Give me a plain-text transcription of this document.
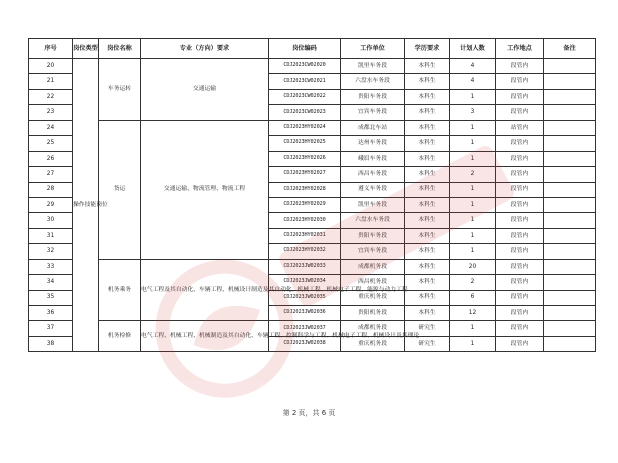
序号	岗位类型	岗位名称	专业（方向）要求	岗位编码	工作单位	学历要求	计划人数	工作地点	备注
20	操作技能岗位	车务运转	交通运输	CDJ2023CW02020	凯里车务段	本科生	4	段管内	
21				CDJ2023CW02021	六盘水车务段	本科生	4	段管内	
22				CDJ2023CW02022	贵阳车务段	本科生	1	段管内	
23				CDJ2023CW02023	宜宾车务段	本科生	3	段管内	
24		货运	交通运输、物流管理、物流工程	CDJ2023HY02024	成都北车站	本科生	1	站管内	
25				CDJ2023HY02025	达州车务段	本科生	1	段管内	
26				CDJ2023HY02026	峨眉车务段	本科生	1	段管内	
27				CDJ2023HY02027	西昌车务段	本科生	2	段管内	
28				CDJ2023HY02028	遵义车务段	本科生	1	段管内	
29				CDJ2023HY02029	凯里车务段	本科生	1	段管内	
30				CDJ2023HY02030	六盘水车务段	本科生	1	段管内	
31				CDJ2023HY02031	贵阳车务段	本科生	1	段管内	
32				CDJ2023HY02032	宜宾车务段	本科生	1	段管内	
33		机务乘务	电气工程及其自动化、车辆工程、机械设计制造及其自动化、机械工程、机械电子工程、能源与动力工程	CDJ2023JW02033	成都机务段	本科生	20	段管内	
34				CDJ2023JW02034	西昌机务段	本科生	2	段管内	
35				CDJ2023JW02035	重庆机务段	本科生	6	段管内	
36				CDJ2023JW02036	贵阳机务段	本科生	12	段管内	
37		机务检修	电气工程、机械工程、机械制造及其自动化、车辆工程、控制科学与工程、机械电子工程、机械设计及其理论	CDJ2023JW02037	成都机务段	研究生	1	段管内	
38				CDJ2023JW02038	重庆机务段	研究生	1	段管内	
第 2 页，共 6 页
